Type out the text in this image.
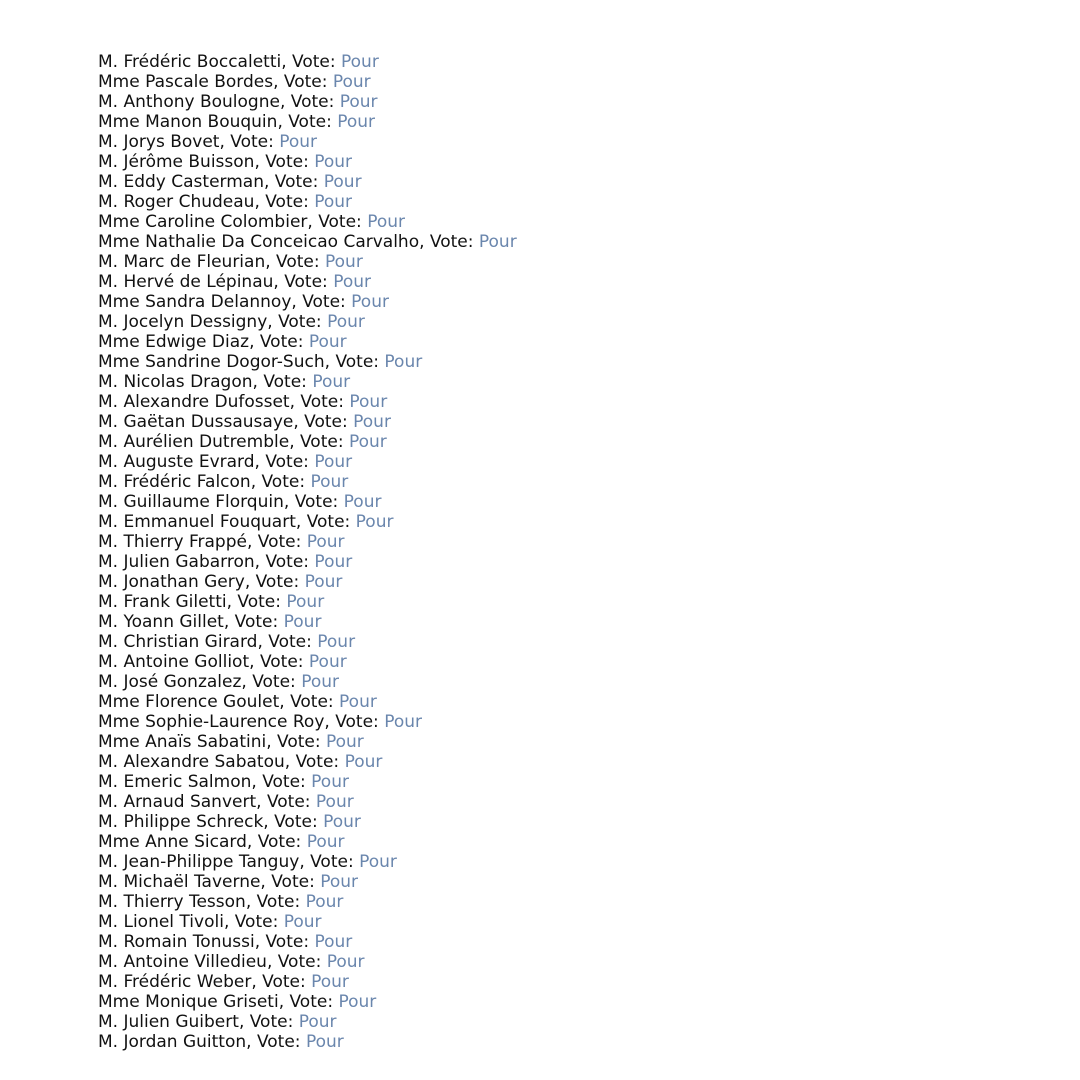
M. Frédéric Boccaletti, Vote: Pour
Mme Pascale Bordes, Vote: Pour
M. Anthony Boulogne, Vote: Pour
Mme Manon Bouquin, Vote: Pour
M. Jorys Bovet, Vote: Pour
M. Jérôme Buisson, Vote: Pour
M. Eddy Casterman, Vote: Pour
M. Roger Chudeau, Vote: Pour
Mme Caroline Colombier, Vote: Pour
Mme Nathalie Da Conceicao Carvalho, Vote: Pour
M. Marc de Fleurian, Vote: Pour
M. Hervé de Lépinau, Vote: Pour
Mme Sandra Delannoy, Vote: Pour
M. Jocelyn Dessigny, Vote: Pour
Mme Edwige Diaz, Vote: Pour
Mme Sandrine Dogor-Such, Vote: Pour
M. Nicolas Dragon, Vote: Pour
M. Alexandre Dufosset, Vote: Pour
M. Gaëtan Dussausaye, Vote: Pour
M. Aurélien Dutremble, Vote: Pour
M. Auguste Evrard, Vote: Pour
M. Frédéric Falcon, Vote: Pour
M. Guillaume Florquin, Vote: Pour
M. Emmanuel Fouquart, Vote: Pour
M. Thierry Frappé, Vote: Pour
M. Julien Gabarron, Vote: Pour
M. Jonathan Gery, Vote: Pour
M. Frank Giletti, Vote: Pour
M. Yoann Gillet, Vote: Pour
M. Christian Girard, Vote: Pour
M. Antoine Golliot, Vote: Pour
M. José Gonzalez, Vote: Pour
Mme Florence Goulet, Vote: Pour
Mme Sophie-Laurence Roy, Vote: Pour
Mme Anaïs Sabatini, Vote: Pour
M. Alexandre Sabatou, Vote: Pour
M. Emeric Salmon, Vote: Pour
M. Arnaud Sanvert, Vote: Pour
M. Philippe Schreck, Vote: Pour
Mme Anne Sicard, Vote: Pour
M. Jean-Philippe Tanguy, Vote: Pour
M. Michaël Taverne, Vote: Pour
M. Thierry Tesson, Vote: Pour
M. Lionel Tivoli, Vote: Pour
M. Romain Tonussi, Vote: Pour
M. Antoine Villedieu, Vote: Pour
M. Frédéric Weber, Vote: Pour
Mme Monique Griseti, Vote: Pour
M. Julien Guibert, Vote: Pour
M. Jordan Guitton, Vote: Pour
